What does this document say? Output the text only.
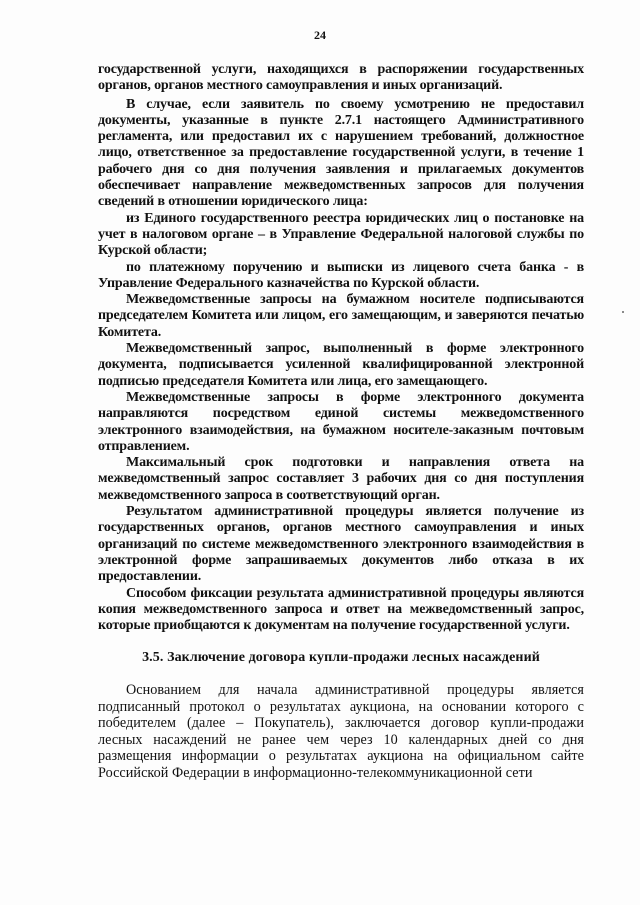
24

государственной услуги, находящихся в распоряжении государственных органов, органов местного самоуправления и иных организаций.

В случае, если заявитель по своему усмотрению не предоставил документы, указанные в пункте 2.7.1 настоящего Административного регламента, или предоставил их с нарушением требований, должностное лицо, ответственное за предоставление государственной услуги, в течение 1 рабочего дня со дня получения заявления и прилагаемых документов обеспечивает направление межведомственных запросов для получения сведений в отношении юридического лица:

из Единого государственного реестра юридических лиц о постановке на учет в налоговом органе – в Управление Федеральной налоговой службы по Курской области;

по платежному поручению и выписки из лицевого счета банка - в Управление Федерального казначейства по Курской области.

Межведомственные запросы на бумажном носителе подписываются председателем Комитета или лицом, его замещающим, и заверяются печатью Комитета.

Межведомственный запрос, выполненный в форме электронного документа, подписывается усиленной квалифицированной электронной подписью председателя Комитета или лица, его замещающего.

Межведомственные запросы в форме электронного документа направляются посредством единой системы межведомственного электронного взаимодействия, на бумажном носителе-заказным почтовым отправлением.

Максимальный срок подготовки и направления ответа на межведомственный запрос составляет 3 рабочих дня со дня поступления межведомственного запроса в соответствующий орган.

Результатом административной процедуры является получение из государственных органов, органов местного самоуправления и иных организаций по системе межведомственного электронного взаимодействия в электронной форме запрашиваемых документов либо отказа в их предоставлении.

Способом фиксации результата административной процедуры являются копия межведомственного запроса и ответ на межведомственный запрос, которые приобщаются к документам на получение государственной услуги.

3.5. Заключение договора купли-продажи лесных насаждений

Основанием для начала административной процедуры является подписанный протокол о результатах аукциона, на основании которого с победителем (далее – Покупатель), заключается договор купли-продажи лесных насаждений не ранее чем через 10 календарных дней со дня размещения информации о результатах аукциона на официальном сайте Российской Федерации в информационно-телекоммуникационной сети
